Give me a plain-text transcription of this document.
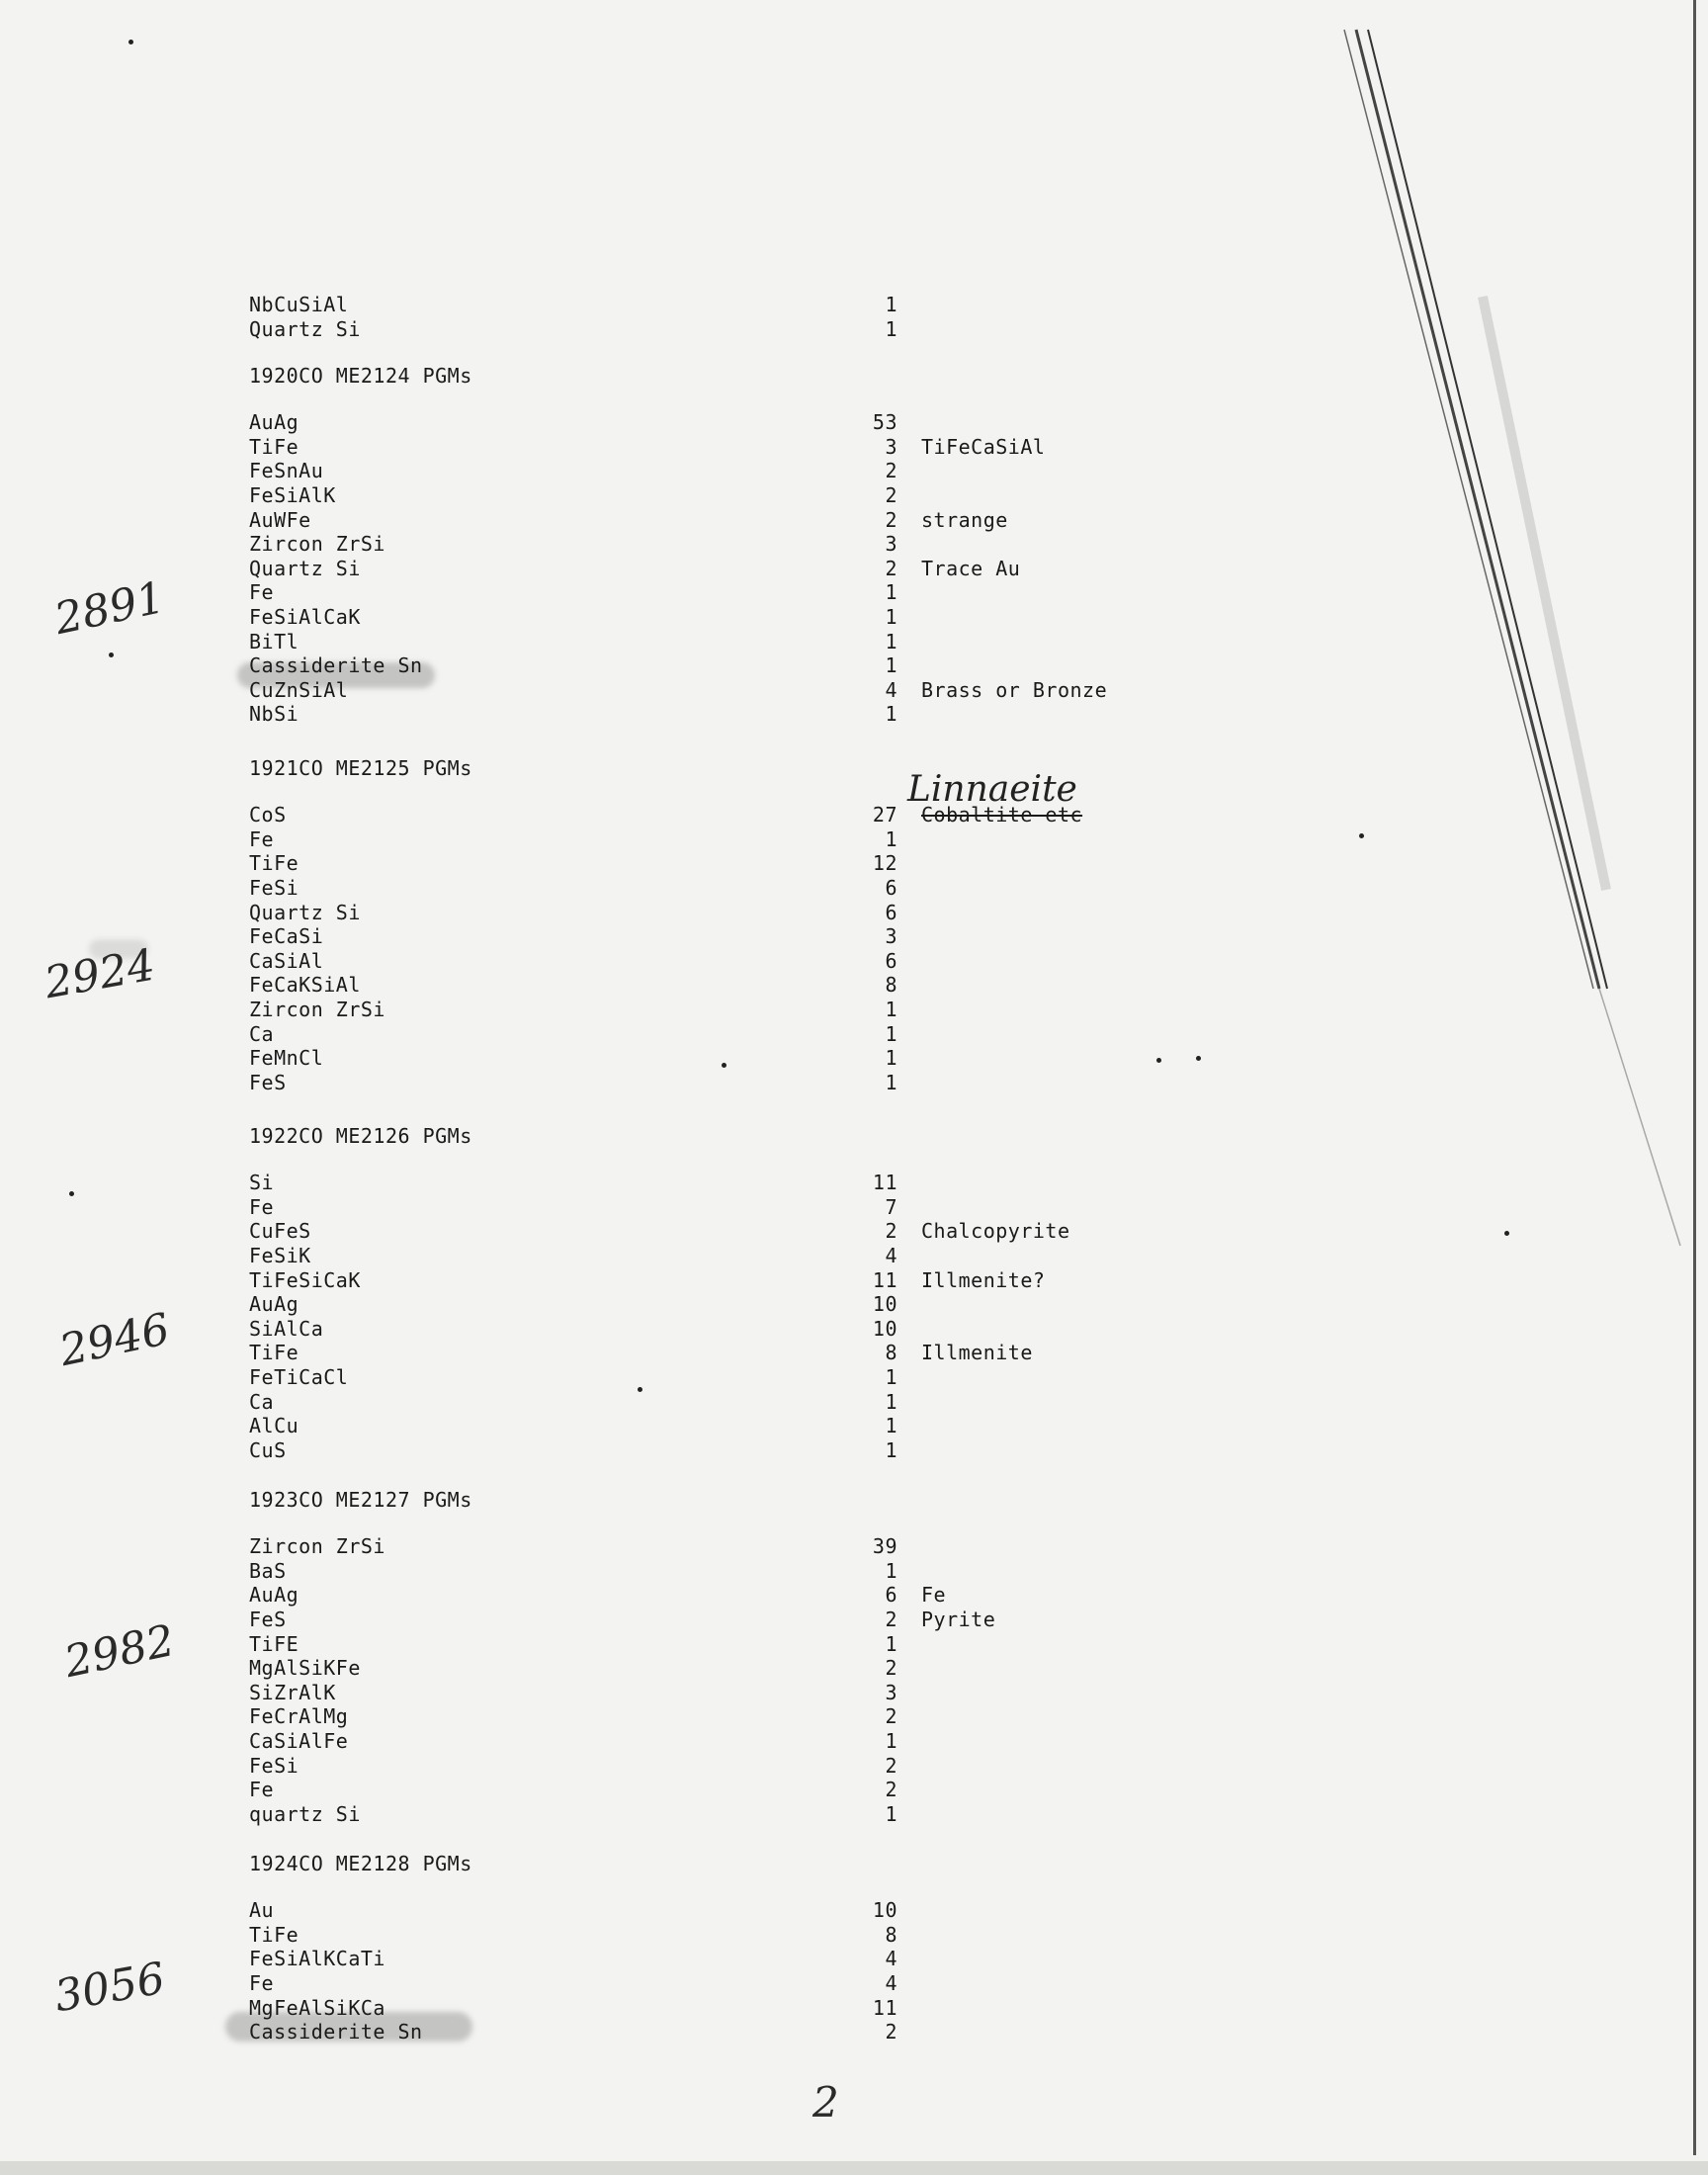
NbCuSiAl	1
Quartz Si	1
1920CO ME2124 PGMs
AuAg	53
TiFe	3 TiFeCaSiAl
FeSnAu	2
FeSiAlK	2
AuWFe	2 strange
Zircon ZrSi	3
Quartz Si	2 Trace Au
Fe	1
FeSiAlCaK	1
BiTl	1
Cassiderite Sn	1
CuZnSiAl	4 Brass or Bronze
NbSi	1
2891
1921CO ME2125 PGMs
CoS	27 Cobaltite etc
Fe	1
TiFe	12
FeSi	6
Quartz Si	6
FeCaSi	3
CaSiAl	6
FeCaKSiAl	8
Zircon ZrSi	1
Ca	1
FeMnCl	1
FeS	1
2924
1922CO ME2126 PGMs
Si	11
Fe	7
CuFeS	2 Chalcopyrite
FeSiK	4
TiFeSiCaK	11 Illmenite?
AuAg	10
SiAlCa	10
TiFe	8 Illmenite
FeTiCaCl	1
Ca	1
AlCu	1
CuS	1
2946
1923CO ME2127 PGMs
Zircon ZrSi	39
BaS	1
AuAg	6 Fe
FeS	2 Pyrite
TiFE	1
MgAlSiKFe	2
SiZrAlK	3
FeCrAlMg	2
CaSiAlFe	1
FeSi	2
Fe	2
quartz Si	1
2982
1924CO ME2128 PGMs
Au	10
TiFe	8
FeSiAlKCaTi	4
Fe	4
MgFeAlSiKCa	11
Cassiderite Sn	2
3056
Linnaeite
2
